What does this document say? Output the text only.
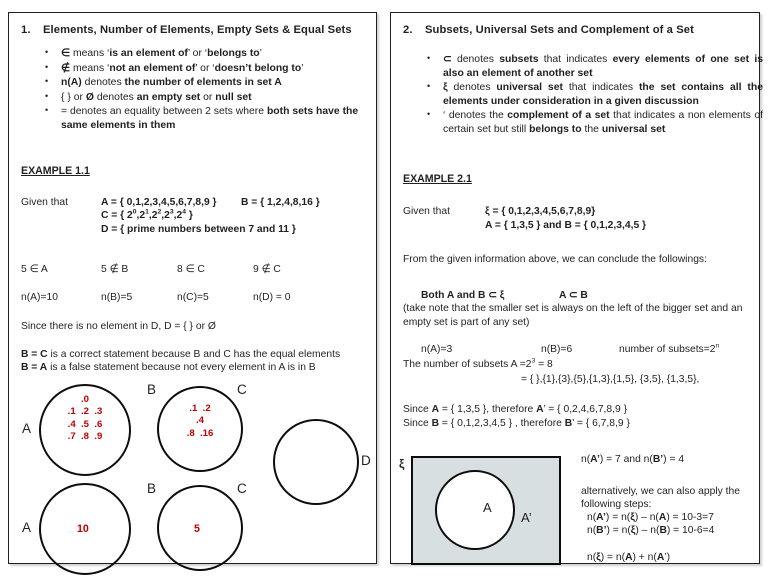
1. Elements, Number of Elements, Empty Sets & Equal Sets
• ∈ means ‘is an element of’ or ‘belongs to’
• ∉ means ‘not an element of’ or ‘doesn’t belong to’
• n(A) denotes the number of elements in set A
• { } or Ø denotes an empty set or null set
• = denotes an equality between 2 sets where both sets have the same elements in them
EXAMPLE 1.1
Given that	A = { 0,1,2,3,4,5,6,7,8,9 } B = { 1,2,4,8,16 }
C = { $2^0,2^1,2^2,2^3,2^4$ }
D = { prime numbers between 7 and 11 }
5 ∈ A	5 ∉ B	8 ∈ C	9 ∉ C
n(A)=10	n(B)=5	n(C)=5	n(D) = 0
Since there is no element in D, D = { } or Ø
B = C is a correct statement because B and C has the equal elements
B = A is a false statement because not every element in A is in B
A
.0
.1  .2  .3
.4  .5  .6
.7  .8  .9
B	C
.1  .2
.4
.8  .16
D
A	10
B	C
5
2. Subsets, Universal Sets and Complement of a Set
• ⊂ denotes subsets that indicates every elements of one set is also an element of another set
• ξ denotes universal set that indicates the set contains all the elements under consideration in a given discussion
• ‘ denotes the complement of a set that indicates a non elements of certain set but still belongs to the universal set
EXAMPLE 2.1
Given that	ξ = { 0,1,2,3,4,5,6,7,8,9}
A = { 1,3,5 } and B = { 0,1,2,3,4,5 }
From the given information above, we can conclude the followings:
Both A and B ⊂ ξ	A ⊂ B
(take note that the smaller set is always on the left of the bigger set and an empty set is part of any set)
n(A)=3	n(B)=6	number of $subsets=2^n$
The number of subsets $A =2^3 = 8$
= { },{1},{3},{5},{1,3},{1,5}, {3,5}, {1,3,5},
Since A = { 1,3,5 }, therefore A’ = { 0,2,4,6,7,8,9 }
Since B = { 0,1,2,3,4,5 } , therefore B’ = { 6,7,8,9 }
ξ
A
A’
n(A’) = 7 and n(B’) = 4
alternatively, we can also apply the
following steps:
n(A’) = n(ξ) – n(A) = 10-3=7
n(B’) = n(ξ) – n(B) = 10-6=4
n(ξ) = n(A) + n(A’)
